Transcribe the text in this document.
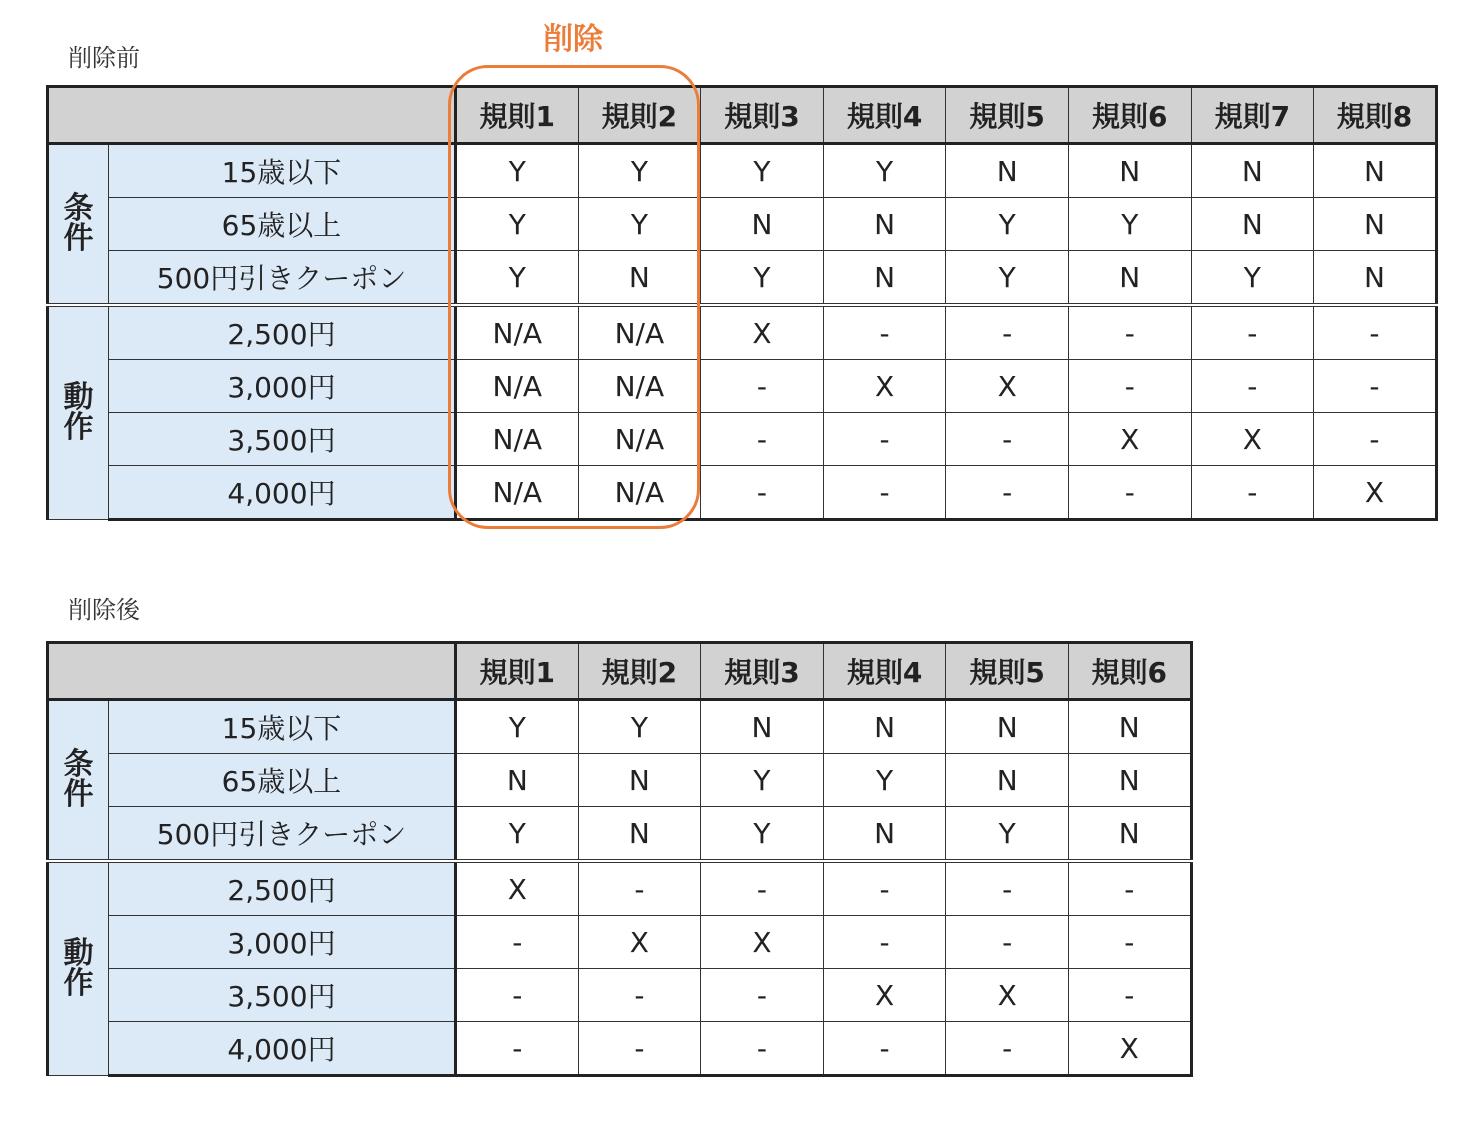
削除前
削除
		規則1	規則2	規則3	規則4	規則5	規則6	規則7	規則8

条
件	15歳以下	Y	Y	Y	Y	N	N	N	N
	65歳以上	Y	Y	N	N	Y	Y	N	N
	500円引きクーポン	Y	N	Y	N	Y	N	Y	N

動
作	2,500円	N/A	N/A	X	-	-	-	-	-
	3,000円	N/A	N/A	-	X	X	-	-	-
	3,500円	N/A	N/A	-	-	-	X	X	-
	4,000円	N/A	N/A	-	-	-	-	-	X
削除後
		規則1	規則2	規則3	規則4	規則5	規則6

条
件	15歳以下	Y	Y	N	N	N	N
	65歳以上	N	N	Y	Y	N	N
	500円引きクーポン	Y	N	Y	N	Y	N

動
作	2,500円	X	-	-	-	-	-
	3,000円	-	X	X	-	-	-
	3,500円	-	-	-	X	X	-
	4,000円	-	-	-	-	-	X
